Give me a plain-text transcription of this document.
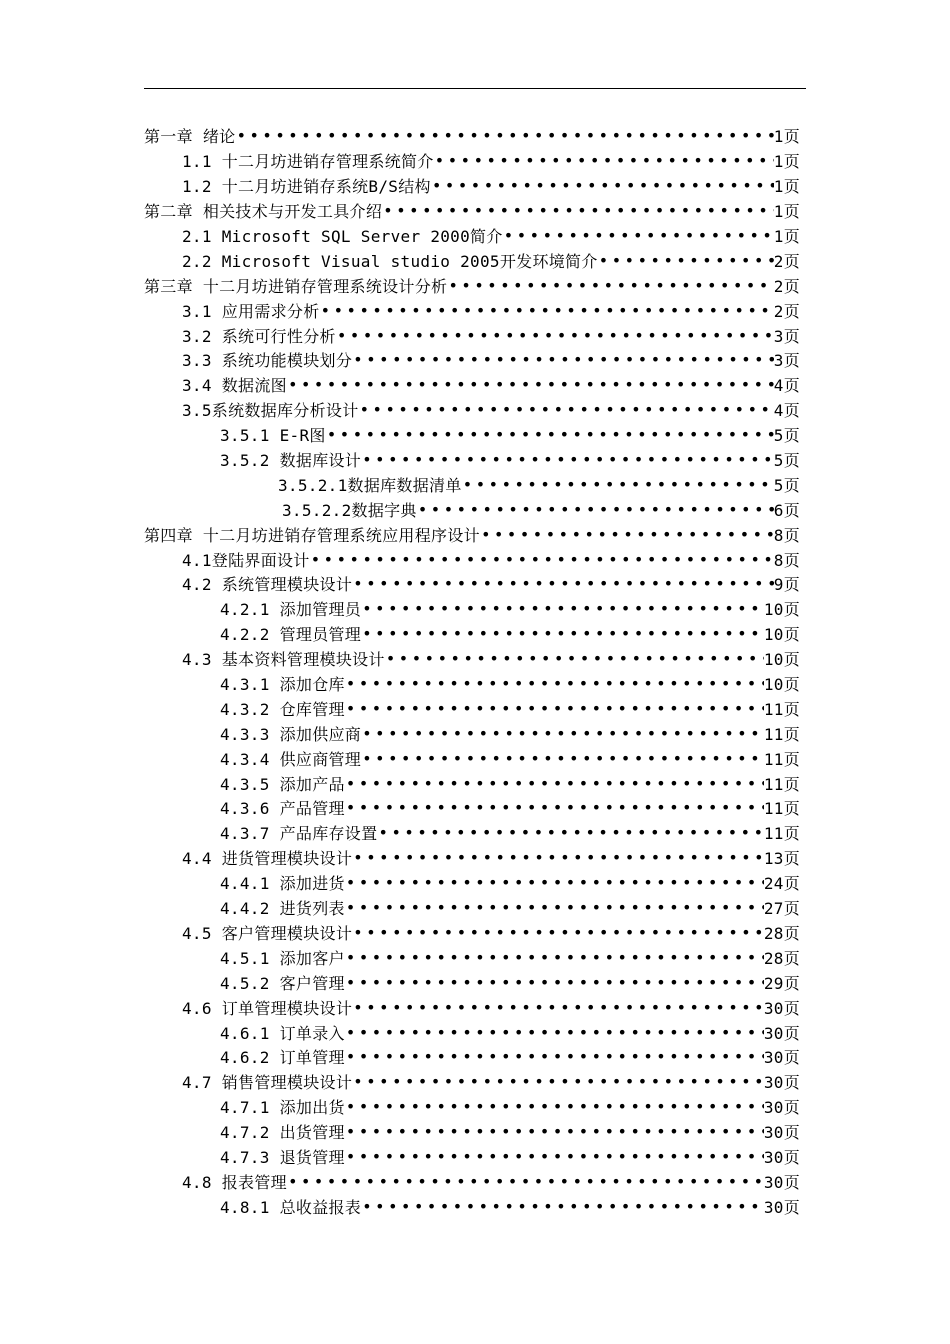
第一章 绪论 •••••	1页
1.1 十二月坊进销存管理系统简介 •••••	1页
1.2 十二月坊进销存系统B/S结构 •••••	1页
第二章 相关技术与开发工具介绍 •••••	1页
2.1 Microsoft SQL Server 2000简介 •••••	1页
2.2 Microsoft Visual studio 2005开发环境简介 •••••	2页
第三章 十二月坊进销存管理系统设计分析 •••••	2页
3.1 应用需求分析 •••••	2页
3.2 系统可行性分析 •••••	3页
3.3 系统功能模块划分 •••••	3页
3.4 数据流图 •••••	4页
3.5系统数据库分析设计 •••••	4页
3.5.1 E-R图 •••••	5页
3.5.2 数据库设计 •••••	5页
3.5.2.1数据库数据清单 •••••	5页
3.5.2.2数据字典 •••••	6页
第四章 十二月坊进销存管理系统应用程序设计 •••••	8页
4.1登陆界面设计 •••••	8页
4.2 系统管理模块设计 •••••	9页
4.2.1 添加管理员 •••••	10页
4.2.2 管理员管理 •••••	10页
4.3 基本资料管理模块设计 •••••	10页
4.3.1 添加仓库 •••••	10页
4.3.2 仓库管理 •••••	11页
4.3.3 添加供应商 •••••	11页
4.3.4 供应商管理 •••••	11页
4.3.5 添加产品 •••••	11页
4.3.6 产品管理 •••••	11页
4.3.7 产品库存设置 •••••	11页
4.4 进货管理模块设计 •••••	13页
4.4.1 添加进货 •••••	24页
4.4.2 进货列表 •••••	27页
4.5 客户管理模块设计 •••••	28页
4.5.1 添加客户 •••••	28页
4.5.2 客户管理 •••••	29页
4.6 订单管理模块设计 •••••	30页
4.6.1 订单录入 •••••	30页
4.6.2 订单管理 •••••	30页
4.7 销售管理模块设计 •••••	30页
4.7.1 添加出货 •••••	30页
4.7.2 出货管理 •••••	30页
4.7.3 退货管理 •••••	30页
4.8 报表管理 •••••	30页
4.8.1 总收益报表 •••••	30页
